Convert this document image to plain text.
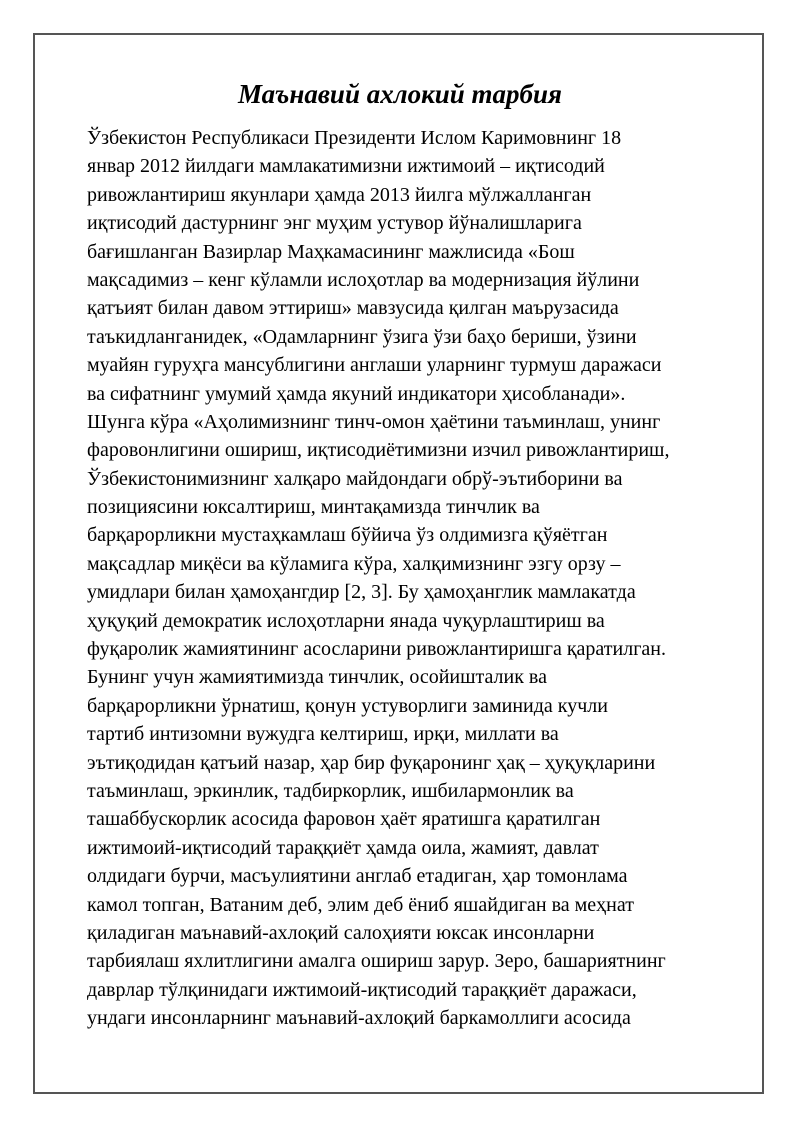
Маънавий ахлокий тарбия
Ўзбекистон Республикаси Президенти Ислом Каримовнинг 18
январ 2012 йилдаги мамлакатимизни ижтимоий – иқтисодий
ривожлантириш якунлари ҳамда 2013 йилга мўлжалланган
иқтисодий дастурнинг энг муҳим устувор йўналишларига
бағишланган Вазирлар Маҳкамасининг мажлисида «Бош
мақсадимиз – кенг кўламли ислоҳотлар ва модернизация йўлини
қатъият билан давом эттириш» мавзусида қилган маърузасида
таъкидланганидек, «Одамларнинг ўзига ўзи баҳо бериши, ўзини
муайян гуруҳга мансублигини англаши уларнинг турмуш даражаси
ва сифатнинг умумий ҳамда якуний индикатори ҳисобланади».
Шунга кўра «Аҳолимизнинг тинч-омон ҳаётини таъминлаш, унинг
фаровонлигини ошириш, иқтисодиётимизни изчил ривожлантириш,
Ўзбекистонимизнинг халқаро майдондаги обрў-эътиборини ва
позициясини юксалтириш, минтақамизда тинчлик ва
барқарорликни мустаҳкамлаш бўйича ўз олдимизга қўяётган
мақсадлар миқёси ва кўламига кўра, халқимизнинг эзгу орзу –
умидлари билан ҳамоҳангдир [2, 3]. Бу ҳамоҳанглик мамлакатда
ҳуқуқий демократик ислоҳотларни янада чуқурлаштириш ва
фуқаролик жамиятининг асосларини ривожлантиришга қаратилган.
Бунинг учун жамиятимизда тинчлик, осойишталик ва
барқарорликни ўрнатиш, қонун устуворлиги заминида кучли
тартиб интизомни вужудга келтириш, ирқи, миллати ва
эътиқодидан қатъий назар, ҳар бир фуқаронинг ҳақ – ҳуқуқларини
таъминлаш, эркинлик, тадбиркорлик, ишбилармонлик ва
ташаббускорлик асосида фаровон ҳаёт яратишга қаратилган
ижтимоий-иқтисодий тараққиёт ҳамда оила, жамият, давлат
олдидаги бурчи, масъулиятини англаб етадиган, ҳар томонлама
камол топган, Ватаним деб, элим деб ёниб яшайдиган ва меҳнат
қиладиган маънавий-ахлоқий салоҳияти юксак инсонларни
тарбиялаш яхлитлигини амалга ошириш зарур. Зеро, башариятнинг
даврлар тўлқинидаги ижтимоий-иқтисодий тараққиёт даражаси,
ундаги инсонларнинг маънавий-ахлоқий баркамоллиги асосида
